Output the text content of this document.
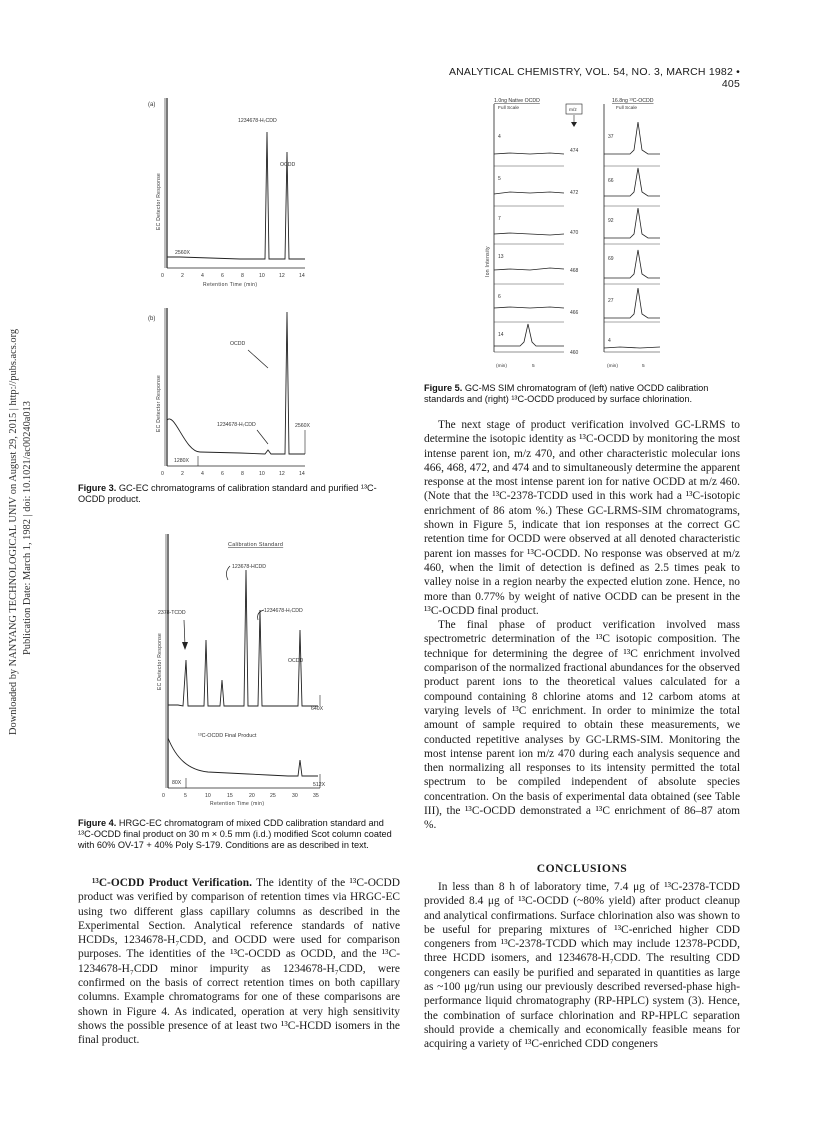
ANALYTICAL CHEMISTRY, VOL. 54, NO. 3, MARCH 1982 • 405
Downloaded by NANYANG TECHNOLOGICAL UNIV on August 29, 2015 | http://pubs.acs.org Publication Date: March 1, 1982 | doi: 10.1021/ac00240a013
(a)
EC Detector Response
1234678-H₇CDD
OCDD
2560X
0	2	4	6	8	10	12	14
Retention Time (min)
(b)
EC Detector Response
OCDD
1234678-H₇CDD	2560X
1280X
0	2	4	6	8	10	12	14
Figure 3. GC-EC chromatograms of calibration standard and purified ¹³C-OCDD product.
Calibration Standard
EC Detector Response
123678-HCDD
2378-TCDD	1234678-H₇CDD
OCDD
640X
¹³C-OCDD Final Product
512X
80X
0	5	10	15	20	25	30	35
Retention Time (min)
Figure 4. HRGC-EC chromatogram of mixed CDD calibration standard and ¹³C-OCDD final product on 30 m × 0.5 mm (i.d.) modified Scot column coated with 60% OV-17 + 40% Poly S-179. Conditions are as described in text.
1.0ng Native OCDD
Full Scale	m/z
16.8ng ¹³C-OCDD
Full Scale
Ion Intensity
4
474
37
5
472
66
7
470
92
13
468
69
6
466
27
14
460
4
(min)	5	(min)	5
Figure 5. GC-MS SIM chromatogram of (left) native OCDD calibration standards and (right) ¹³C-OCDD produced by surface chlorination.

¹³C-OCDD Product Verification. The identity of the ¹³C-OCDD product was verified by comparison of retention times via HRGC-EC using two different glass capillary columns as described in the Experimental Section. Analytical reference standards of native HCDDs, 1234678-H₇CDD, and OCDD were used for comparison purposes. The identities of the ¹³C-OCDD as OCDD, and the ¹³C-1234678-H₇CDD minor impurity as 1234678-H₇CDD, were confirmed on the basis of correct retention times on both capillary columns. Example chromatograms for one of these comparisons are shown in Figure 4. As indicated, operation at very high sensitivity shows the possible presence of at least two ¹³C-HCDD isomers in the final product.

The next stage of product verification involved GC-LRMS to determine the isotopic identity as ¹³C-OCDD by monitoring the most intense parent ion, m/z 470, and other characteristic molecular ions 466, 468, 472, and 474 and to simultaneously determine the apparent response at the most intense parent ion for native OCDD at m/z 460. (Note that the ¹³C-2378-TCDD used in this work had a ¹³C-isotopic enrichment of 86 atom %.) These GC-LRMS-SIM chromatograms, shown in Figure 5, indicate that ion responses at the correct GC retention time for OCDD were observed at all denoted characteristic parent ion masses for ¹³C-OCDD. No response was observed at m/z 460, when the limit of detection is defined as 2.5 times peak to valley noise in a region nearby the expected elution zone. Hence, no more than 0.77% by weight of native OCDD can be present in the ¹³C-OCDD final product.

The final phase of product verification involved mass spectrometric determination of the ¹³C isotopic composition. The technique for determining the degree of ¹³C enrichment involved comparison of the normalized fractional abundances for the observed product parent ions to the theoretical values calculated for a compound containing 8 chlorine atoms and 12 carbom atoms at varying levels of ¹³C enrichment. In order to minimize the total amount of sample required to obtain these measurements, we conducted repetitive analyses by GC-LRMS-SIM. Monitoring the most intense parent ion m/z 470 during each analysis sequence and then normalizing all responses to its intensity permitted the total spectrum to be compiled independent of absolute species concentration. On the basis of experimental data obtained (see Table III), the ¹³C-OCDD demonstrated a ¹³C enrichment of 86–87 atom %.

CONCLUSIONS

In less than 8 h of laboratory time, 7.4 μg of ¹³C-2378-TCDD provided 8.4 μg of ¹³C-OCDD (~80% yield) after product cleanup and analytical confirmations. Surface chlorination also was shown to be useful for preparing mixtures of ¹³C-enriched higher CDD congeners from ¹³C-2378-TCDD which may include 12378-PCDD, three HCDD isomers, and 1234678-H₇CDD. The resulting CDD congeners can easily be purified and separated in quantities as large as ~100 μg/run using our previously described reversed-phase high-performance liquid chromatography (RP-HPLC) system (3). Hence, the combination of surface chlorination and RP-HPLC separation should provide a chemically and economically feasible means for acquiring a variety of ¹³C-enriched CDD congeners
